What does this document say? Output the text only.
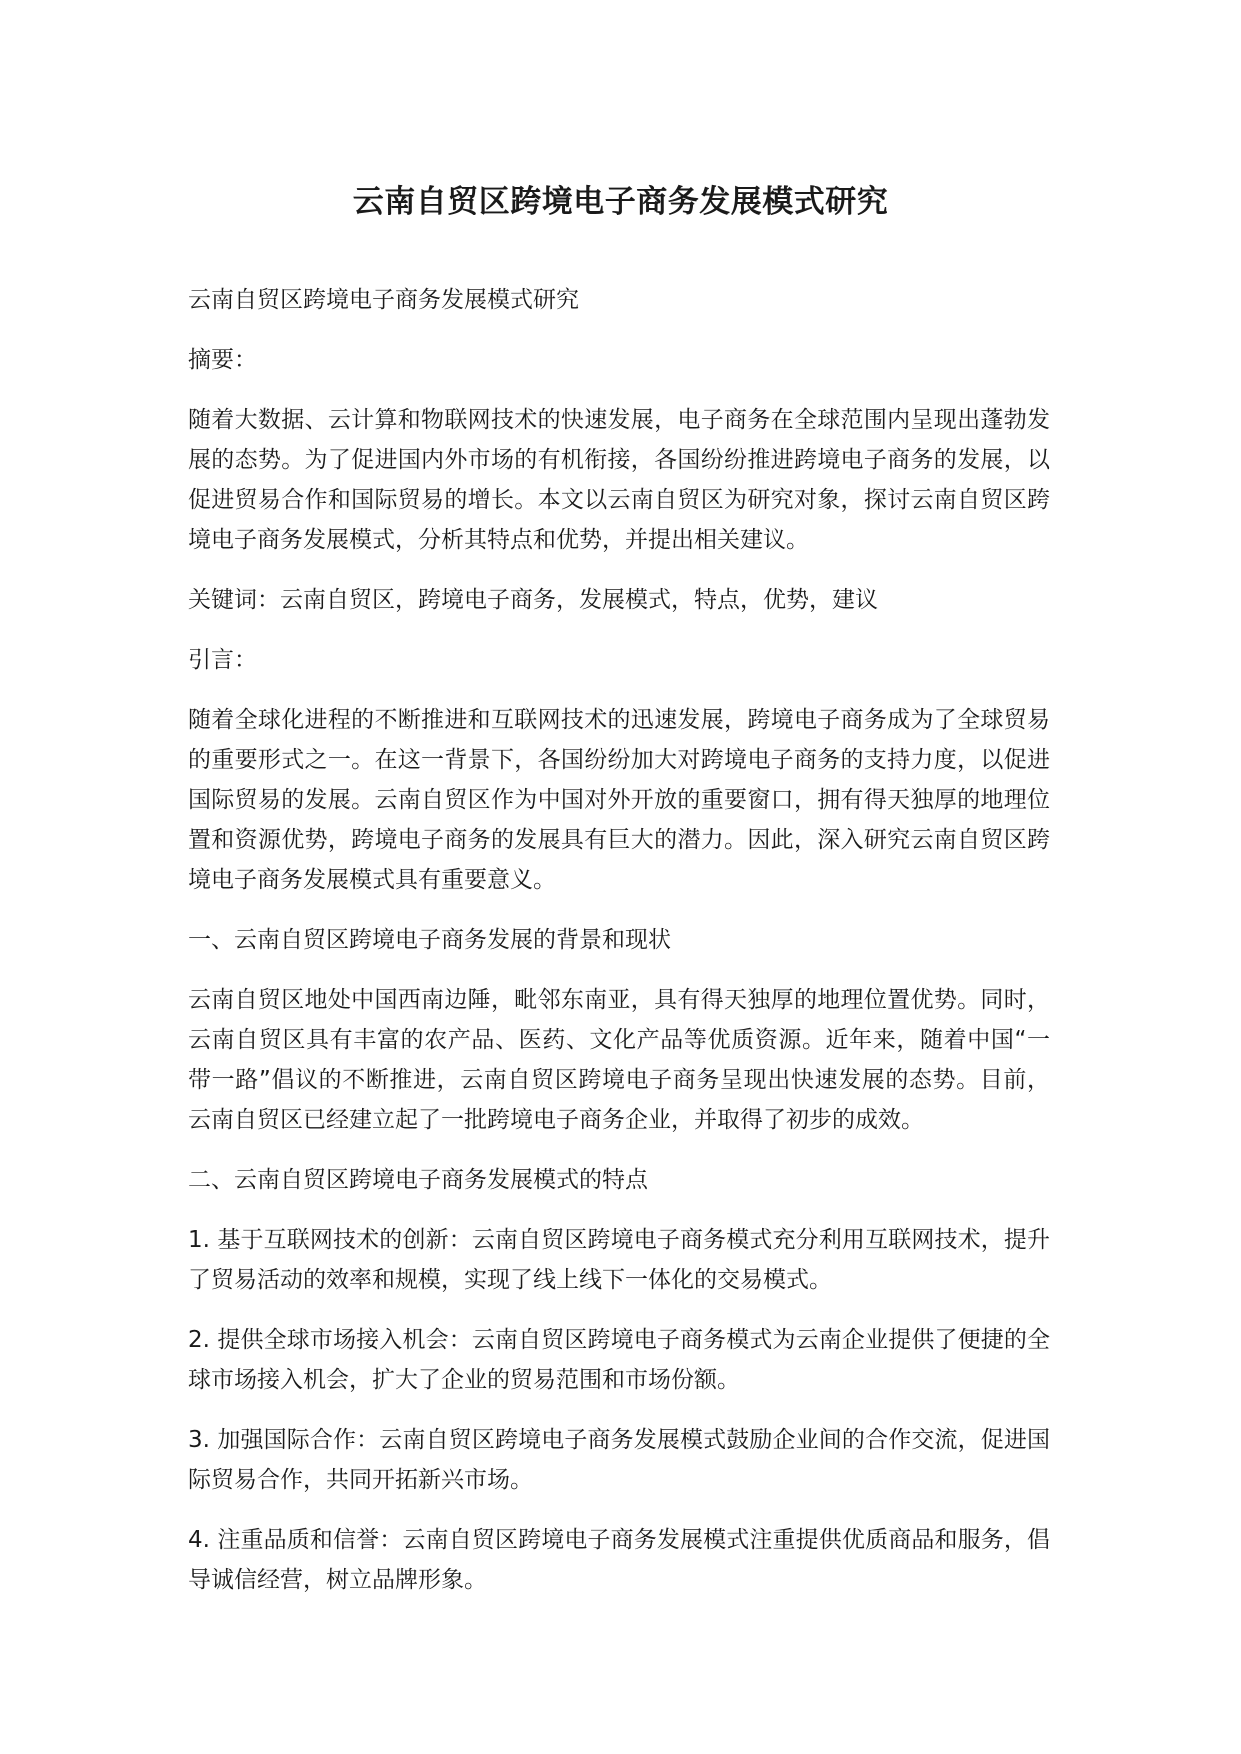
云南自贸区跨境电子商务发展模式研究

云南自贸区跨境电子商务发展模式研究

摘要：

随着大数据、云计算和物联网技术的快速发展，电子商务在全球范围内呈现出蓬勃发展的态势。为了促进国内外市场的有机衔接，各国纷纷推进跨境电子商务的发展，以促进贸易合作和国际贸易的增长。本文以云南自贸区为研究对象，探讨云南自贸区跨境电子商务发展模式，分析其特点和优势，并提出相关建议。

关键词：云南自贸区，跨境电子商务，发展模式，特点，优势，建议

引言：

随着全球化进程的不断推进和互联网技术的迅速发展，跨境电子商务成为了全球贸易的重要形式之一。在这一背景下，各国纷纷加大对跨境电子商务的支持力度，以促进国际贸易的发展。云南自贸区作为中国对外开放的重要窗口，拥有得天独厚的地理位置和资源优势，跨境电子商务的发展具有巨大的潜力。因此，深入研究云南自贸区跨境电子商务发展模式具有重要意义。

一、云南自贸区跨境电子商务发展的背景和现状

云南自贸区地处中国西南边陲，毗邻东南亚，具有得天独厚的地理位置优势。同时，云南自贸区具有丰富的农产品、医药、文化产品等优质资源。近年来，随着中国“一带一路”倡议的不断推进，云南自贸区跨境电子商务呈现出快速发展的态势。目前，云南自贸区已经建立起了一批跨境电子商务企业，并取得了初步的成效。

二、云南自贸区跨境电子商务发展模式的特点

1. 基于互联网技术的创新：云南自贸区跨境电子商务模式充分利用互联网技术，提升了贸易活动的效率和规模，实现了线上线下一体化的交易模式。

2. 提供全球市场接入机会：云南自贸区跨境电子商务模式为云南企业提供了便捷的全球市场接入机会，扩大了企业的贸易范围和市场份额。

3. 加强国际合作：云南自贸区跨境电子商务发展模式鼓励企业间的合作交流，促进国际贸易合作，共同开拓新兴市场。

4. 注重品质和信誉：云南自贸区跨境电子商务发展模式注重提供优质商品和服务，倡导诚信经营，树立品牌形象。
